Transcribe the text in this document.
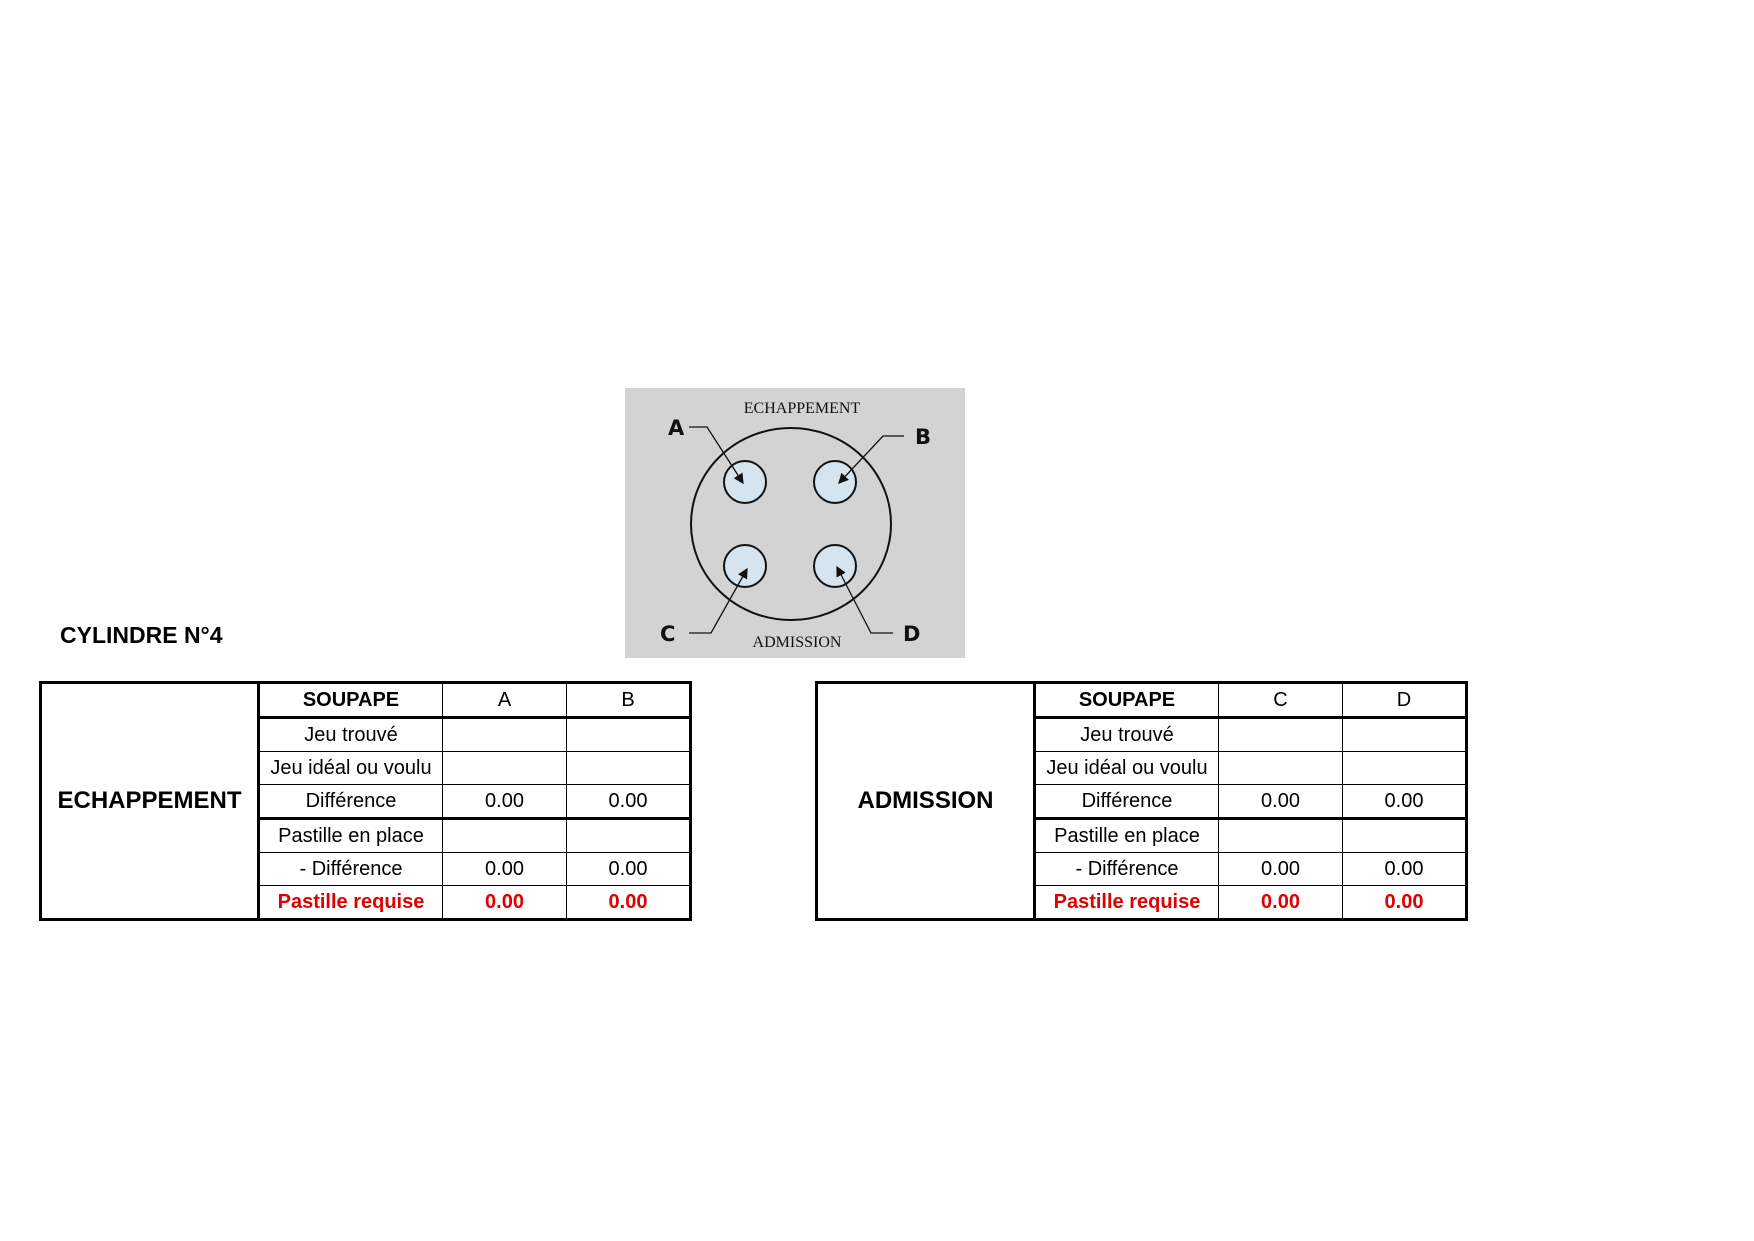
CYLINDRE N°4
ECHAPPEMENT
ADMISSION
A	B
C	D
ECHAPPEMENT	SOUPAPE	A	B
	Jeu trouvé		
	Jeu idéal ou voulu		
	Différence	0.00	0.00
	Pastille en place		
	- Différence	0.00	0.00
	Pastille requise	0.00	0.00
ADMISSION	SOUPAPE	C	D
	Jeu trouvé		
	Jeu idéal ou voulu		
	Différence	0.00	0.00
	Pastille en place		
	- Différence	0.00	0.00
	Pastille requise	0.00	0.00
